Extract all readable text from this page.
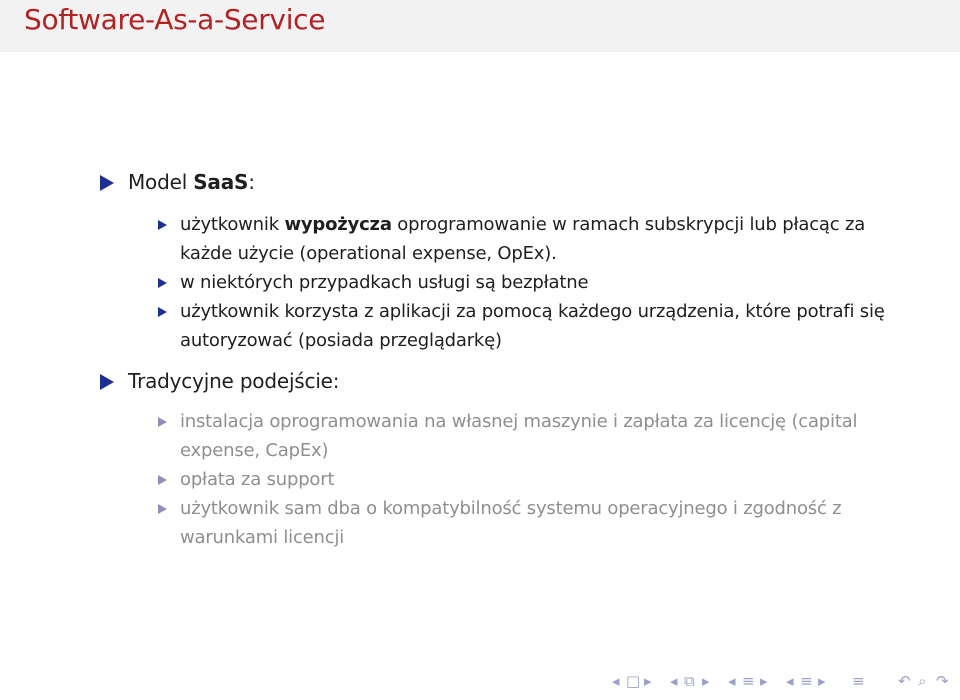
Software-As-a-Service
Model SaaS:
użytkownik wypożycza oprogramowanie w ramach subskrypcji lub płacąc za każde użycie (operational expense, OpEx).
w niektórych przypadkach usługi są bezpłatne
użytkownik korzysta z aplikacji za pomocą każdego urządzenia, które potrafi się autoryzować (posiada przeglądarkę)
Tradycyjne podejście:
instalacja oprogramowania na własnej maszynie i zapłata za licencję (capital expense, CapEx)
opłata za support
użytkownik sam dba o kompatybilność systemu operacyjnego i zgodność z warunkami licencji
◂ □ ▸ ◂ ⧉ ▸ ◂ ≡ ▸ ◂ ≡ ▸ ≡ ↶ ⌕ ↷
